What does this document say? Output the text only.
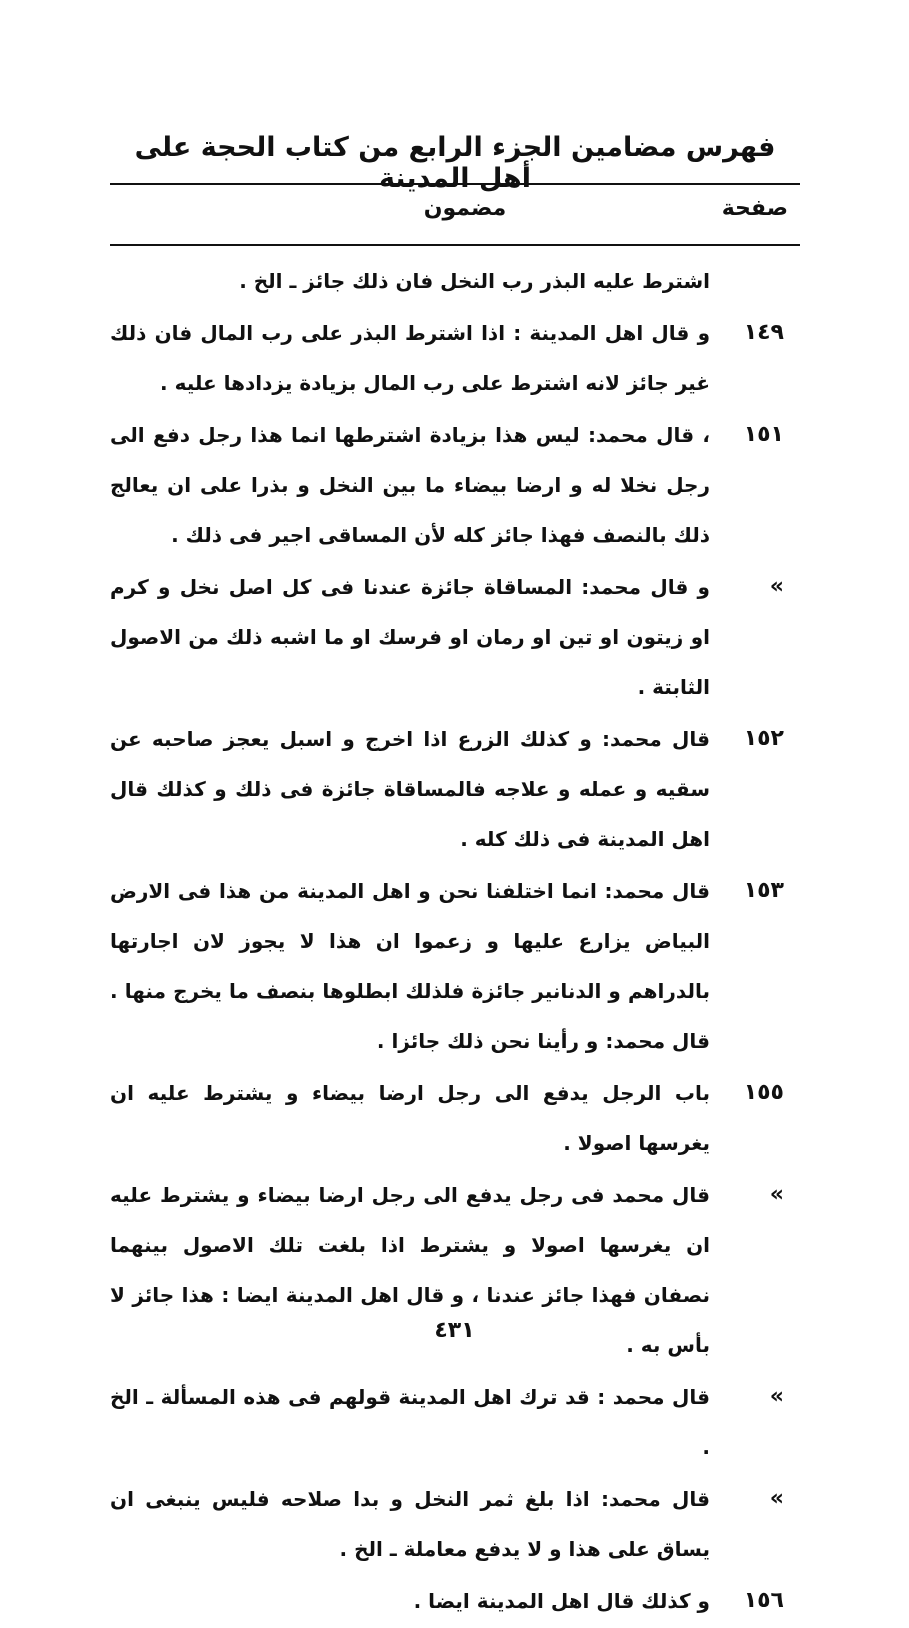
فهرس مضامين الجزء الرابع من كتاب الحجة على أهل المدينة
صفحة
مضمون
اشترط عليه البذر رب النخل فان ذلك جائز ـ الخ .
١٤٩
و قال اهل المدينة : اذا اشترط البذر على رب المال فان ذلك غير جائز لانه اشترط على رب المال بزيادة يزدادها عليه .
١٥١
، قال محمد: ليس هذا بزيادة اشترطها انما هذا رجل دفع الى رجل نخلا له و ارضا بيضاء ما بين النخل و بذرا على ان يعالج ذلك بالنصف فهذا جائز كله لأن المساقى اجير فى ذلك .
»
و قال محمد: المساقاة جائزة عندنا فى كل اصل نخل و كرم او زيتون او تين او رمان او فرسك او ما اشبه ذلك من الاصول الثابتة .
١٥٢
قال محمد: و كذلك الزرع اذا اخرج و اسبل يعجز صاحبه عن سقيه و عمله و علاجه فالمساقاة جائزة فى ذلك و كذلك قال اهل المدينة فى ذلك كله .
١٥٣
قال محمد: انما اختلفنا نحن و اهل المدينة من هذا فى الارض البياض يزارع عليها و زعموا ان هذا لا يجوز لان اجارتها بالدراهم و الدنانير جائزة فلذلك ابطلوها بنصف ما يخرج منها . قال محمد: و رأينا نحن ذلك جائزا .
١٥٥
باب الرجل يدفع الى رجل ارضا بيضاء و يشترط عليه ان يغرسها اصولا .
»
قال محمد فى رجل يدفع الى رجل ارضا بيضاء و يشترط عليه ان يغرسها اصولا و يشترط اذا بلغت تلك الاصول بينهما نصفان فهذا جائز عندنا ، و قال اهل المدينة ايضا : هذا جائز لا بأس به .
»
قال محمد : قد ترك اهل المدينة قولهم فى هذه المسألة ـ الخ .
»
قال محمد: اذا بلغ ثمر النخل و بدا صلاحه فليس ينبغى ان يساق على هذا و لا يدفع معاملة ـ الخ .
١٥٦
و كذلك قال اهل المدينة ايضا .
٤٣١
